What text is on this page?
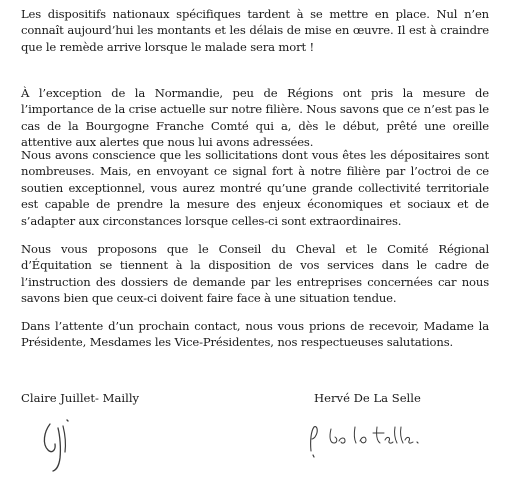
Les dispositifs nationaux spécifiques tardent à se mettre en place. Nul n’en connaît aujourd’hui les montants et les délais de mise en œuvre. Il est à craindre que le remède arrive lorsque le malade sera mort !

À l’exception de la Normandie, peu de Régions ont pris la mesure de l’importance de la crise actuelle sur notre filière. Nous savons que ce n’est pas le cas de la Bourgogne Franche Comté qui a, dès le début, prêté une oreille attentive aux alertes que nous lui avons adressées.

Nous avons conscience que les sollicitations dont vous êtes les dépositaires sont nombreuses. Mais, en envoyant ce signal fort à notre filière par l’octroi de ce soutien exceptionnel, vous aurez montré qu’une grande collectivité territoriale est capable de prendre la mesure des enjeux économiques et sociaux et de s’adapter aux circonstances lorsque celles-ci sont extraordinaires.

Nous vous proposons que le Conseil du Cheval et le Comité Régional d’Équitation se tiennent à la disposition de vos services dans le cadre de l’instruction des dossiers de demande par les entreprises concernées car nous savons bien que ceux-ci doivent faire face à une situation tendue.

Dans l’attente d’un prochain contact, nous vous prions de recevoir, Madame la Présidente, Mesdames les Vice-Présidentes, nos respectueuses salutations.

Claire Juillet- Mailly	Hervé De La Selle
